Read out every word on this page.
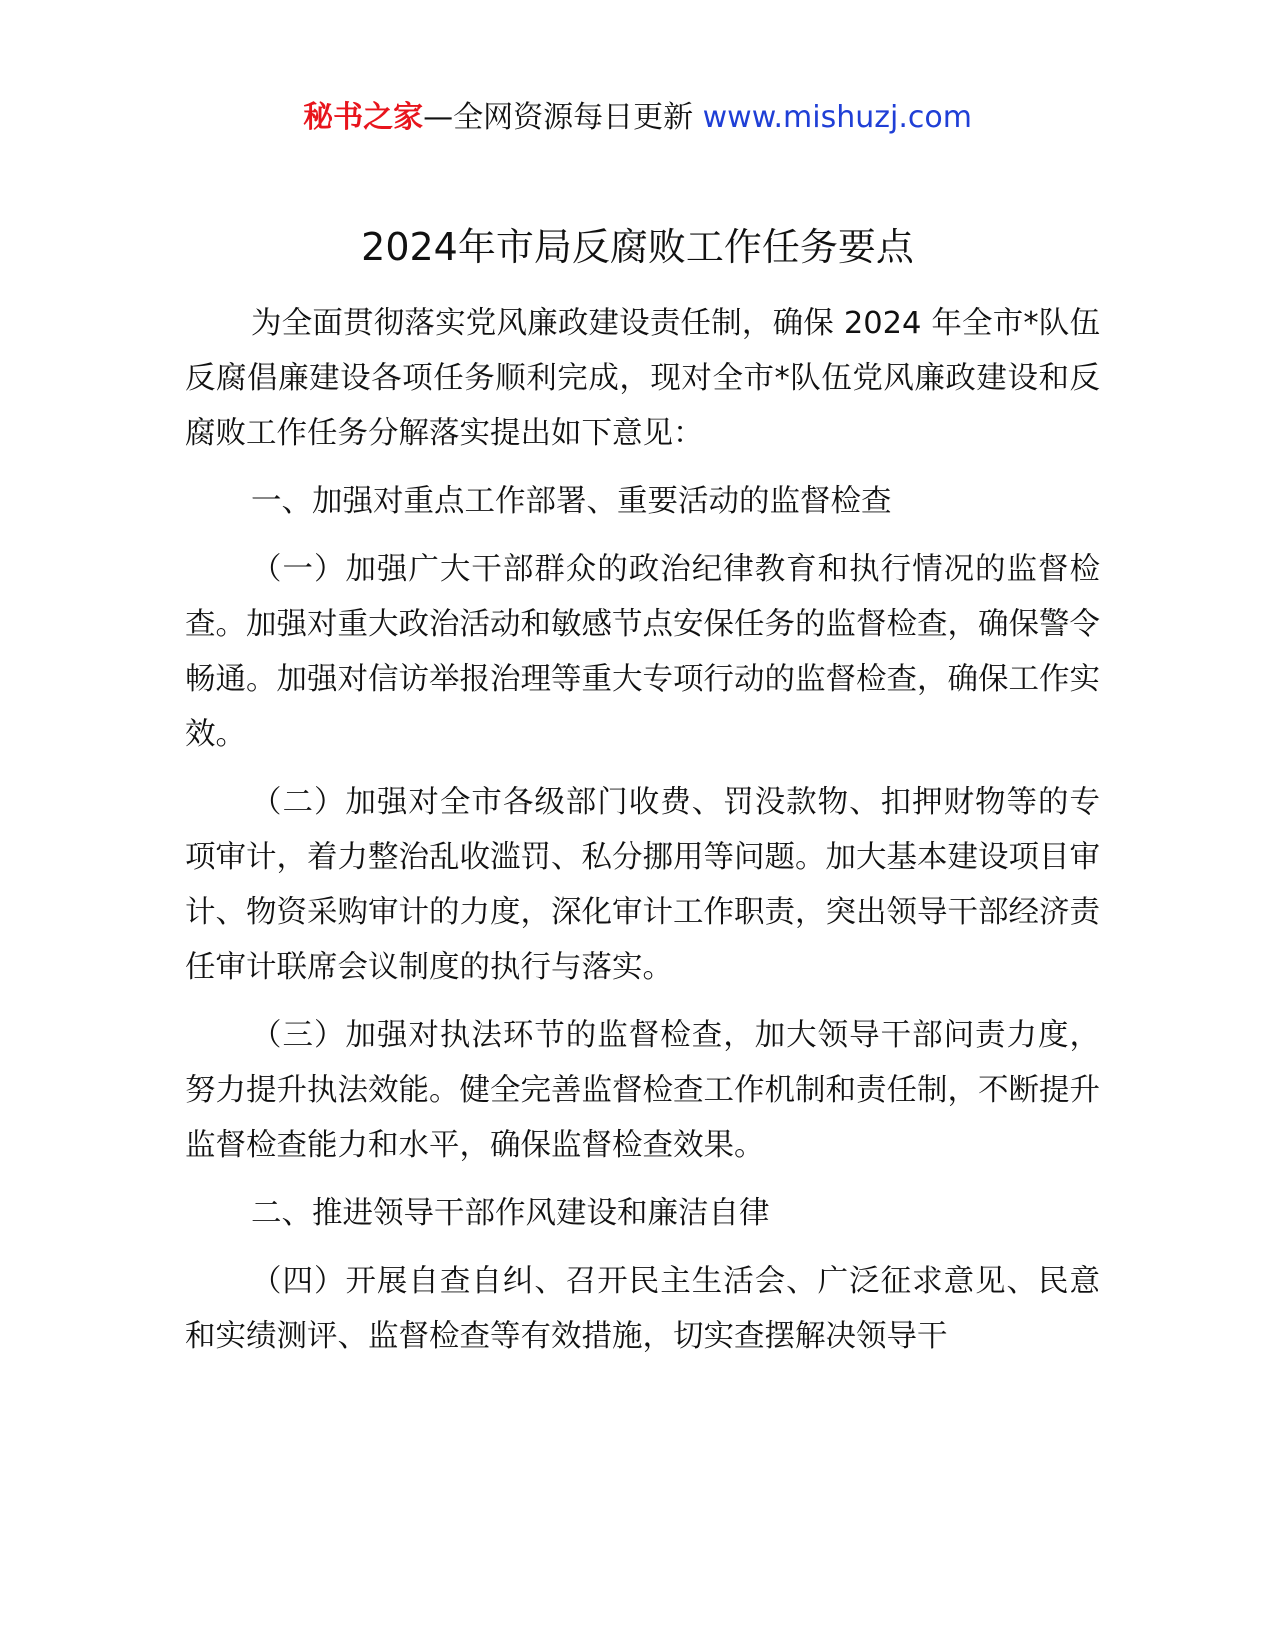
秘书之家—全网资源每日更新 www.mishuzj.com
2024年市局反腐败工作任务要点

为全面贯彻落实党风廉政建设责任制，确保 2024 年全市*队伍反腐倡廉建设各项任务顺利完成，现对全市*队伍党风廉政建设和反腐败工作任务分解落实提出如下意见：

一、加强对重点工作部署、重要活动的监督检查

（一）加强广大干部群众的政治纪律教育和执行情况的监督检查。加强对重大政治活动和敏感节点安保任务的监督检查，确保警令畅通。加强对信访举报治理等重大专项行动的监督检查，确保工作实效。

（二）加强对全市各级部门收费、罚没款物、扣押财物等的专项审计，着力整治乱收滥罚、私分挪用等问题。加大基本建设项目审计、物资采购审计的力度，深化审计工作职责，突出领导干部经济责任审计联席会议制度的执行与落实。

（三）加强对执法环节的监督检查，加大领导干部问责力度，努力提升执法效能。健全完善监督检查工作机制和责任制，不断提升监督检查能力和水平，确保监督检查效果。

二、推进领导干部作风建设和廉洁自律

（四）开展自查自纠、召开民主生活会、广泛征求意见、民意和实绩测评、监督检查等有效措施，切实查摆解决领导干
